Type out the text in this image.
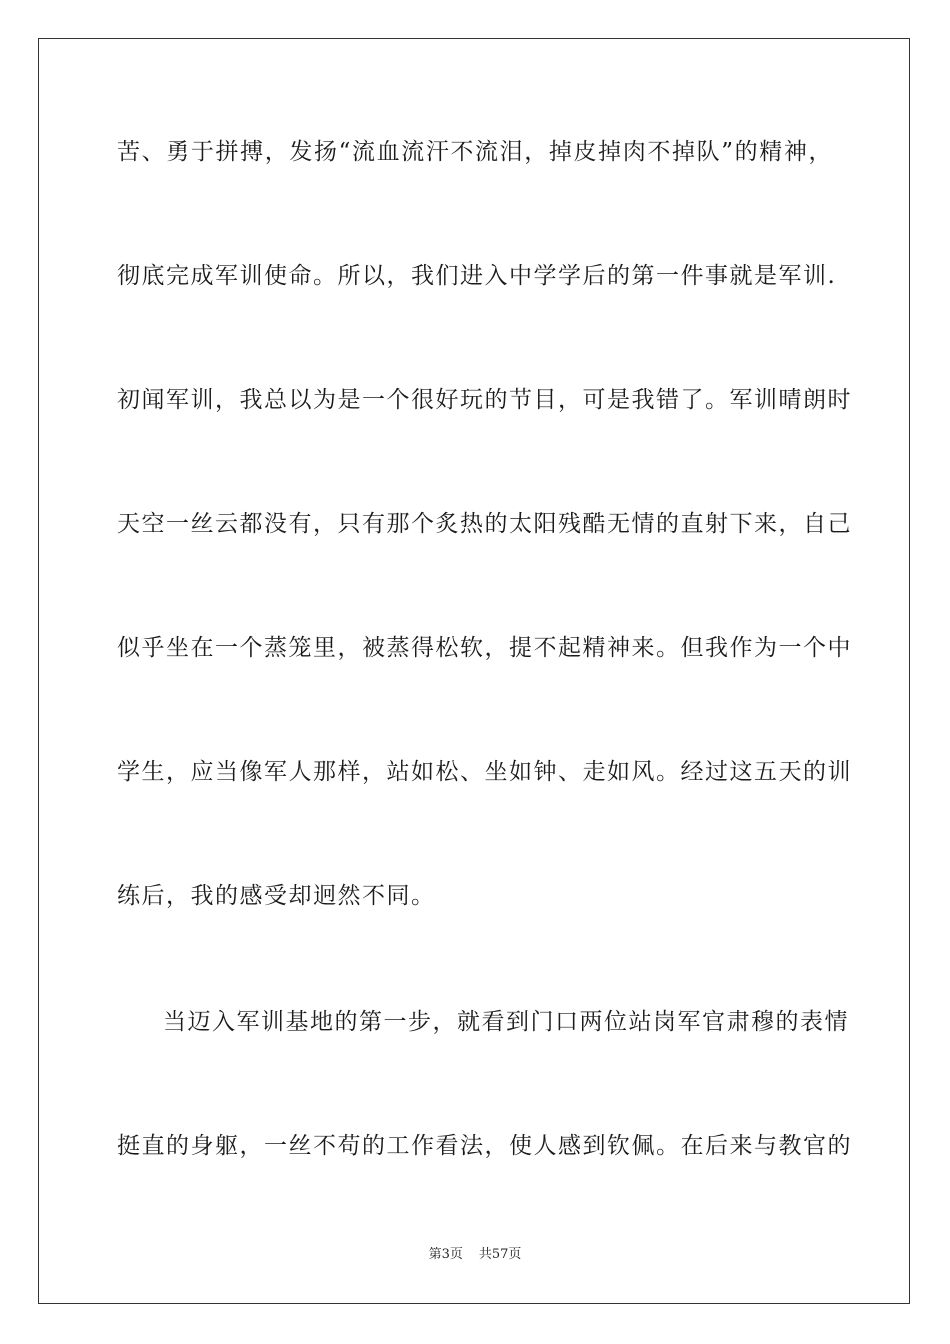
苦、勇于拼搏，发扬“流血流汗不流泪，掉皮掉肉不掉队”的精神，
彻底完成军训使命。所以，我们进入中学学后的第一件事就是军训.
初闻军训，我总以为是一个很好玩的节目，可是我错了。军训晴朗时
天空一丝云都没有，只有那个炙热的太阳残酷无情的直射下来，自己
似乎坐在一个蒸笼里，被蒸得松软，提不起精神来。但我作为一个中
学生，应当像军人那样，站如松、坐如钟、走如风。经过这五天的训
练后，我的感受却迥然不同。
当迈入军训基地的第一步，就看到门口两位站岗军官肃穆的表情
挺直的身躯，一丝不苟的工作看法，使人感到钦佩。在后来与教官的
第3页 共57页
